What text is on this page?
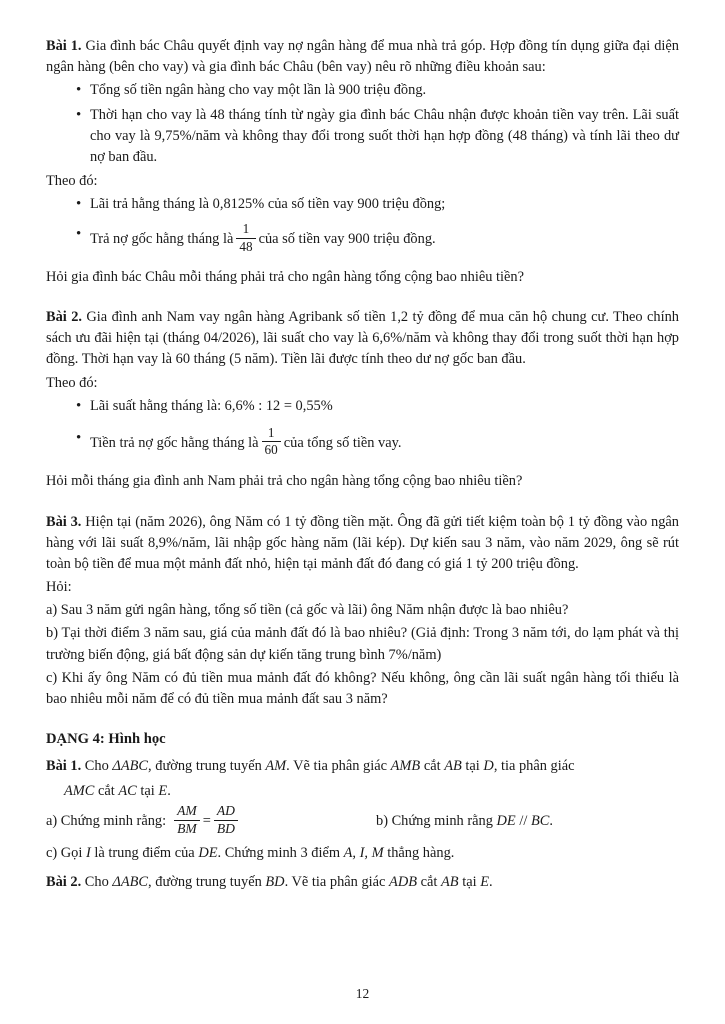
Bài 1. Gia đình bác Châu quyết định vay nợ ngân hàng để mua nhà trả góp. Hợp đồng tín dụng giữa đại diện ngân hàng (bên cho vay) và gia đình bác Châu (bên vay) nêu rõ những điều khoản sau:

• Tổng số tiền ngân hàng cho vay một lần là 900 triệu đồng.
• Thời hạn cho vay là 48 tháng tính từ ngày gia đình bác Châu nhận được khoản tiền vay trên. Lãi suất cho vay là 9,75%/năm và không thay đổi trong suốt thời hạn hợp đồng (48 tháng) và tính lãi theo dư nợ ban đầu.

Theo đó:

• Lãi trả hằng tháng là 0,8125% của số tiền vay 900 triệu đồng;
• Trả nợ gốc hằng tháng là $\frac{1}{48}$ của số tiền vay 900 triệu đồng.

Hỏi gia đình bác Châu mỗi tháng phải trả cho ngân hàng tổng cộng bao nhiêu tiền?

Bài 2. Gia đình anh Nam vay ngân hàng Agribank số tiền 1,2 tỷ đồng để mua căn hộ chung cư. Theo chính sách ưu đãi hiện tại (tháng 04/2026), lãi suất cho vay là 6,6%/năm và không thay đổi trong suốt thời hạn hợp đồng. Thời hạn vay là 60 tháng (5 năm). Tiền lãi được tính theo dư nợ gốc ban đầu.

Theo đó:

• Lãi suất hằng tháng là: 6,6% : 12 = 0,55%
• Tiền trả nợ gốc hằng tháng là $\frac{1}{60}$ của tổng số tiền vay.

Hỏi mỗi tháng gia đình anh Nam phải trả cho ngân hàng tổng cộng bao nhiêu tiền?

Bài 3. Hiện tại (năm 2026), ông Năm có 1 tỷ đồng tiền mặt. Ông đã gửi tiết kiệm toàn bộ 1 tỷ đồng vào ngân hàng với lãi suất 8,9%/năm, lãi nhập gốc hàng năm (lãi kép). Dự kiến sau 3 năm, vào năm 2029, ông sẽ rút toàn bộ tiền để mua một mảnh đất nhỏ, hiện tại mảnh đất đó đang có giá 1 tỷ 200 triệu đồng.

Hỏi:

a) Sau 3 năm gửi ngân hàng, tổng số tiền (cả gốc và lãi) ông Năm nhận được là bao nhiêu?

b) Tại thời điểm 3 năm sau, giá của mảnh đất đó là bao nhiêu? (Giả định: Trong 3 năm tới, do lạm phát và thị trường biến động, giá bất động sản dự kiến tăng trung bình 7%/năm)

c) Khi ấy ông Năm có đủ tiền mua mảnh đất đó không? Nếu không, ông cần lãi suất ngân hàng tối thiểu là bao nhiêu mỗi năm để có đủ tiền mua mảnh đất sau 3 năm?

DẠNG 4: Hình học

Bài 1. Cho ΔABC, đường trung tuyến AM. Vẽ tia phân giác AMB cắt AB tại D, tia phân giác

AMC cắt AC tại E.

a) Chứng minh rằng: $\frac{AM}{BM} = \frac{AD}{BD}$	b) Chứng minh rằng
DE
//
BC .

c) Gọi I là trung điểm của DE. Chứng minh 3 điểm A, I, M thẳng hàng.

Bài 2. Cho ΔABC, đường trung tuyến BD. Vẽ tia phân giác ADB cắt AB tại E.

12
